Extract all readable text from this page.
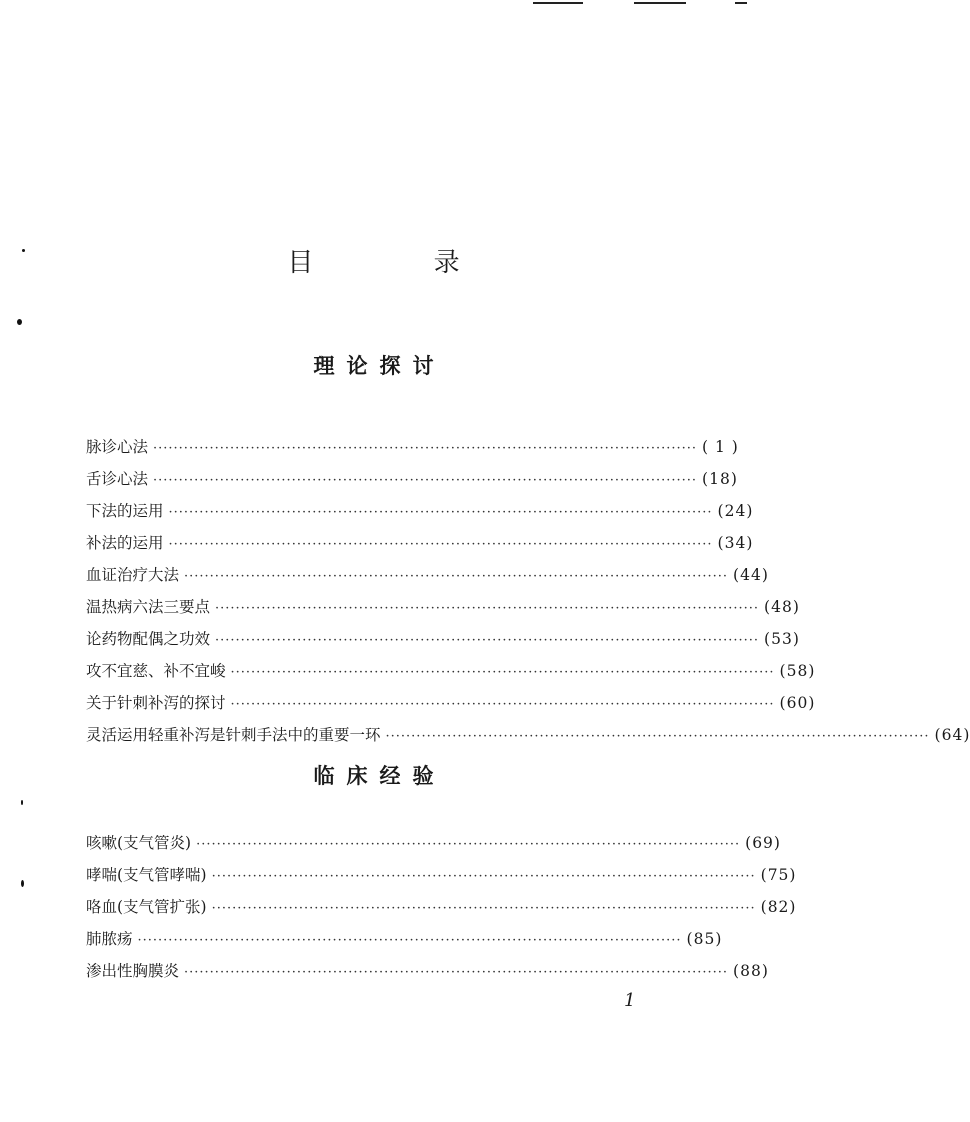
目 录
理论探讨
脉诊心法 ·········································································································· ( 1 )
舌诊心法 ·········································································································· (18)
下法的运用 ·········································································································· (24)
补法的运用 ·········································································································· (34)
血证治疗大法 ·········································································································· (44)
温热病六法三要点 ·········································································································· (48)
论药物配偶之功效 ·········································································································· (53)
攻不宜慈、补不宜峻 ·········································································································· (58)
关于针刺补泻的探讨 ·········································································································· (60)
灵活运用轻重补泻是针刺手法中的重要一环 ·········································································································· (64)
临床经验
咳嗽(支气管炎) ·········································································································· (69)
哮喘(支气管哮喘) ·········································································································· (75)
咯血(支气管扩张) ·········································································································· (82)
肺脓疡 ·········································································································· (85)
渗出性胸膜炎 ·········································································································· (88)
1
